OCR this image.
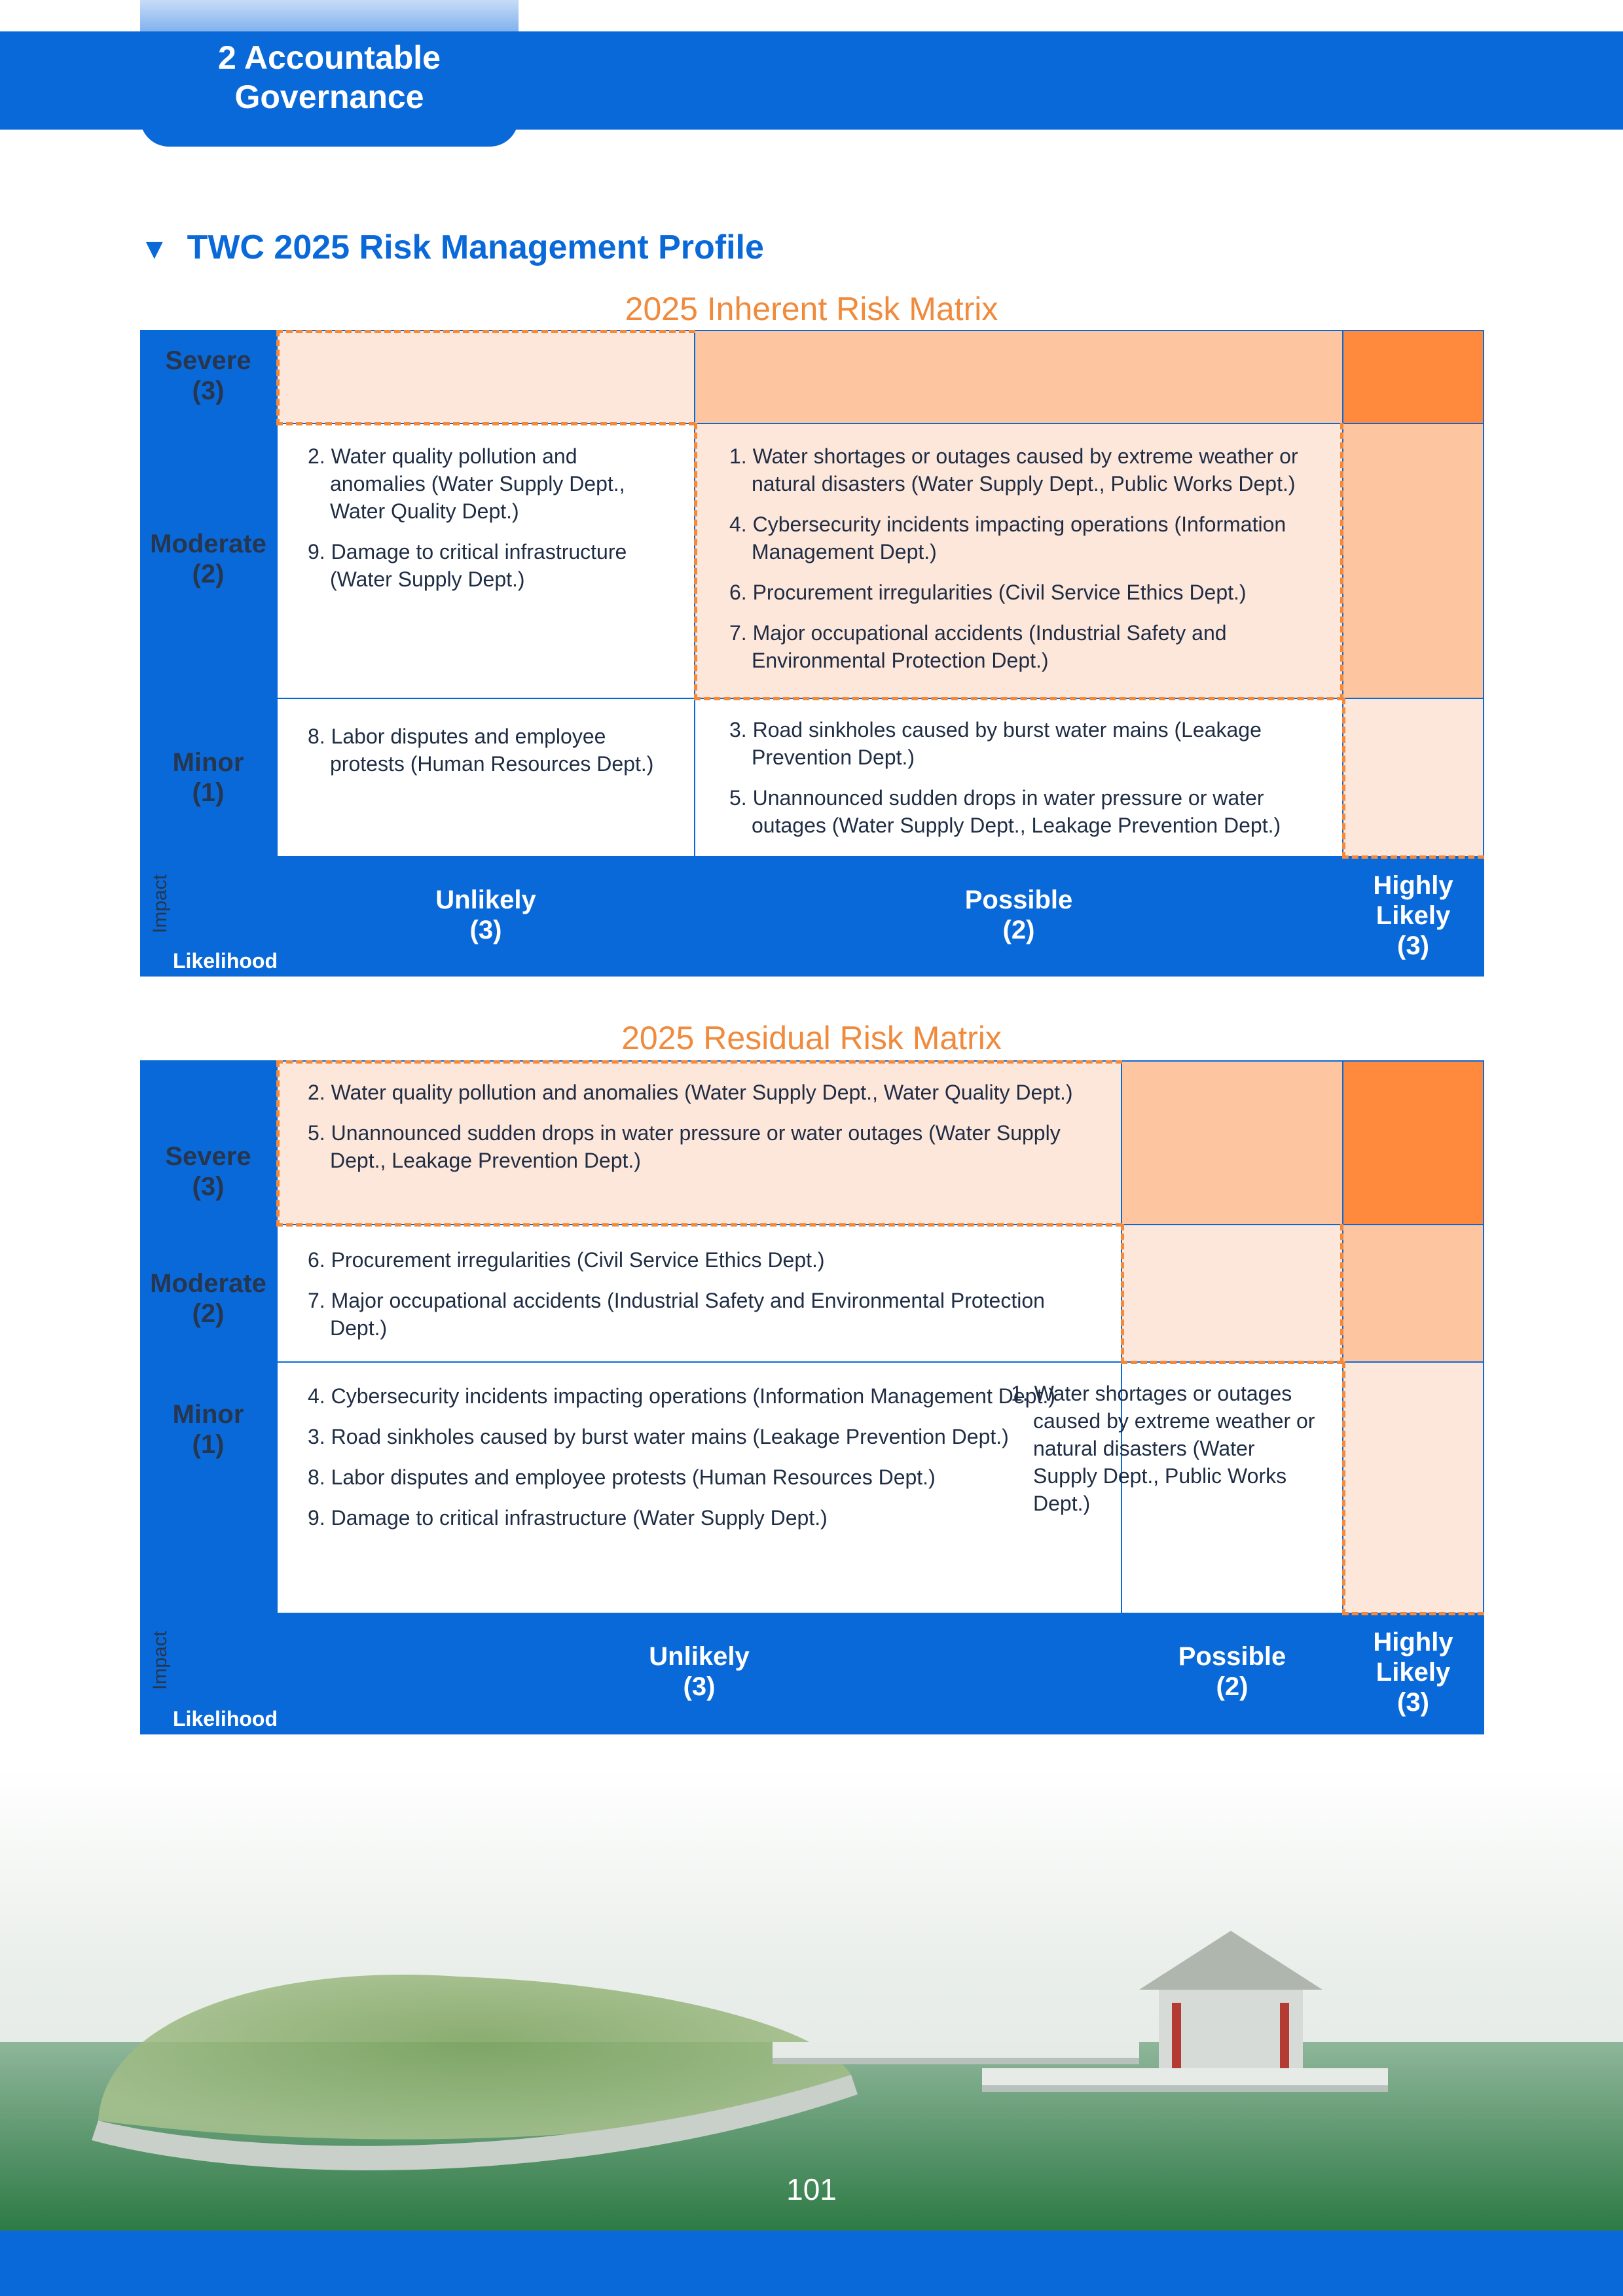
2 Accountable
Governance
▼ TWC 2025 Risk Management Profile
2025 Inherent Risk Matrix
Severe
(3)
Moderate
(2)
Minor
(1)
Unlikely
(3)
Possible
(2)
Highly
Likely
(3)
Impact
Likelihood
2. Water quality pollution and anomalies (Water Supply Dept., Water Quality Dept.)
9. Damage to critical infrastructure (Water Supply Dept.)
1. Water shortages or outages caused by extreme weather or natural disasters (Water Supply Dept., Public Works Dept.)
4. Cybersecurity incidents impacting operations (Information Management Dept.)
6. Procurement irregularities (Civil Service Ethics Dept.)
7. Major occupational accidents (Industrial Safety and Environmental Protection Dept.)
8. Labor disputes and employee protests (Human Resources Dept.)
3. Road sinkholes caused by burst water mains (Leakage Prevention Dept.)
5. Unannounced sudden drops in water pressure or water outages (Water Supply Dept., Leakage Prevention Dept.)
2025 Residual Risk Matrix
Severe
(3)
Moderate
(2)
Minor
(1)
Unlikely
(3)
Possible
(2)
Highly
Likely
(3)
Impact
Likelihood
2. Water quality pollution and anomalies (Water Supply Dept., Water Quality Dept.)
5. Unannounced sudden drops in water pressure or water outages (Water Supply Dept., Leakage Prevention Dept.)
6. Procurement irregularities (Civil Service Ethics Dept.)
7. Major occupational accidents (Industrial Safety and Environmental Protection Dept.)
4. Cybersecurity incidents impacting operations (Information Management Dept.)
3. Road sinkholes caused by burst water mains (Leakage Prevention Dept.)
8. Labor disputes and employee protests (Human Resources Dept.)
9. Damage to critical infrastructure (Water Supply Dept.)
1. Water shortages or outages caused by extreme weather or natural disasters (Water Supply Dept., Public Works Dept.)
101
